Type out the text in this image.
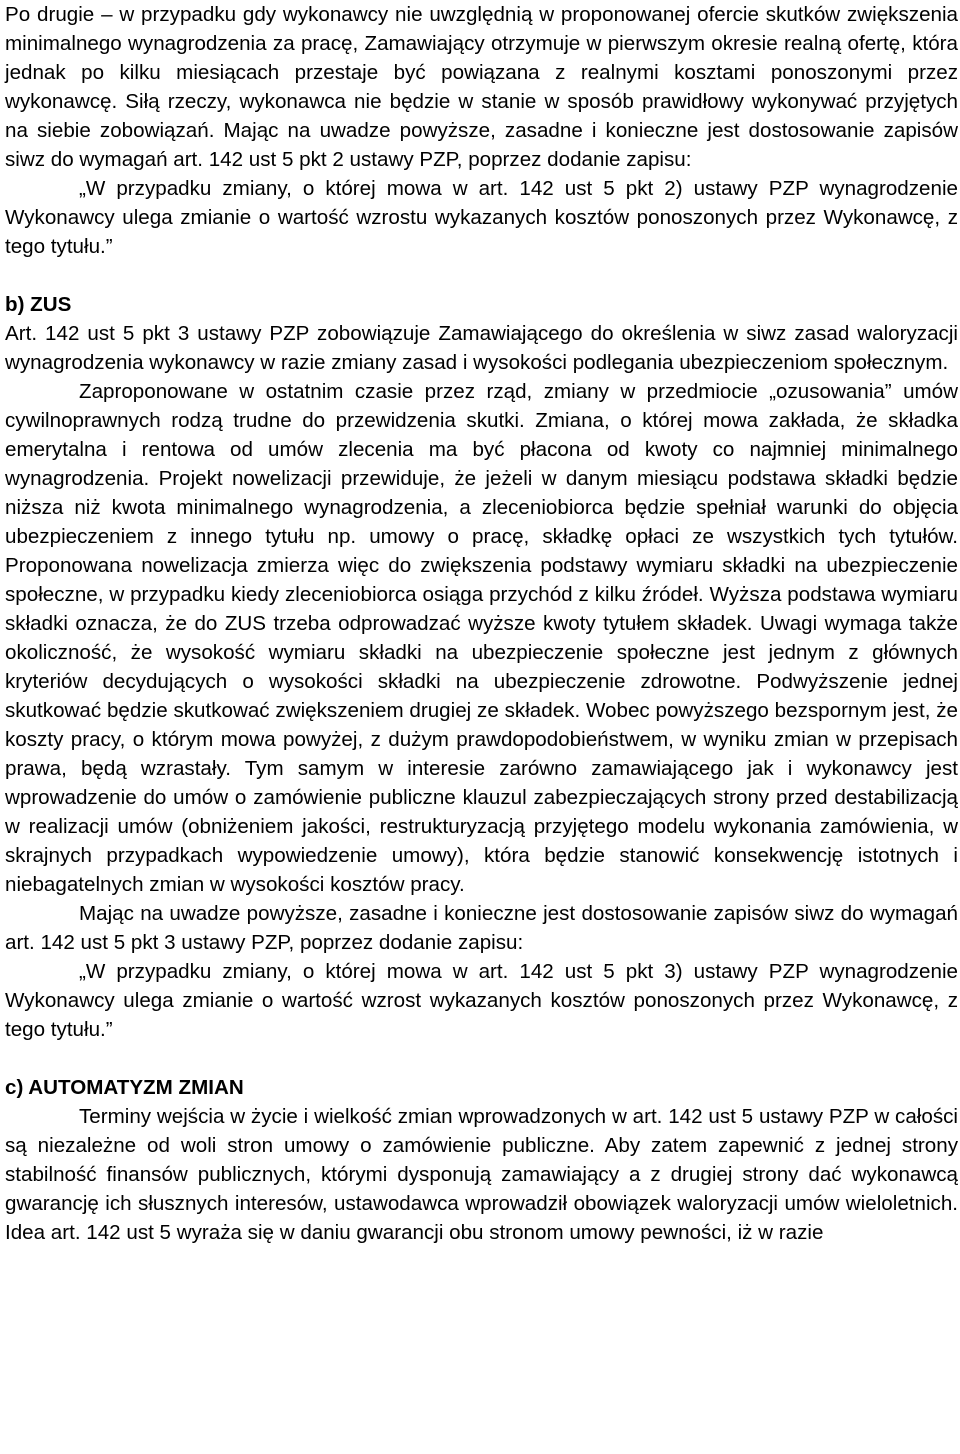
Po drugie – w przypadku gdy wykonawcy nie uwzględnią w proponowanej ofercie skutków zwiększenia minimalnego wynagrodzenia za pracę, Zamawiający otrzymuje w pierwszym okresie realną ofertę, która jednak po kilku miesiącach przestaje być powiązana z realnymi kosztami ponoszonymi przez wykonawcę. Siłą rzeczy, wykonawca nie będzie w stanie w sposób prawidłowy wykonywać przyjętych na siebie zobowiązań. Mając na uwadze powyższe, zasadne i konieczne jest dostosowanie zapisów siwz do wymagań art. 142 ust 5 pkt 2 ustawy PZP, poprzez dodanie zapisu:

„W przypadku zmiany, o której mowa w art. 142 ust 5 pkt 2) ustawy PZP wynagrodzenie Wykonawcy ulega zmianie o wartość wzrostu wykazanych kosztów ponoszonych przez Wykonawcę, z tego tytułu.”

b) ZUS

Art. 142 ust 5 pkt 3 ustawy PZP zobowiązuje Zamawiającego do określenia w siwz zasad waloryzacji wynagrodzenia wykonawcy w razie zmiany zasad i wysokości podlegania ubezpieczeniom społecznym.

Zaproponowane w ostatnim czasie przez rząd, zmiany w przedmiocie „ozusowania” umów cywilnoprawnych rodzą trudne do przewidzenia skutki. Zmiana, o której mowa zakłada, że składka emerytalna i rentowa od umów zlecenia ma być płacona od kwoty co najmniej minimalnego wynagrodzenia. Projekt nowelizacji przewiduje, że jeżeli w danym miesiącu podstawa składki będzie niższa niż kwota minimalnego wynagrodzenia, a zleceniobiorca będzie spełniał warunki do objęcia ubezpieczeniem z innego tytułu np. umowy o pracę, składkę opłaci ze wszystkich tych tytułów. Proponowana nowelizacja zmierza więc do zwiększenia podstawy wymiaru składki na ubezpieczenie społeczne, w przypadku kiedy zleceniobiorca osiąga przychód z kilku źródeł. Wyższa podstawa wymiaru składki oznacza, że do ZUS trzeba odprowadzać wyższe kwoty tytułem składek. Uwagi wymaga także okoliczność, że wysokość wymiaru składki na ubezpieczenie społeczne jest jednym z głównych kryteriów decydujących o wysokości składki na ubezpieczenie zdrowotne. Podwyższenie jednej skutkować będzie skutkować zwiększeniem drugiej ze składek. Wobec powyższego bezspornym jest, że koszty pracy, o którym mowa powyżej, z dużym prawdopodobieństwem, w wyniku zmian w przepisach prawa, będą wzrastały. Tym samym w interesie zarówno zamawiającego jak i wykonawcy jest wprowadzenie do umów o zamówienie publiczne klauzul zabezpieczających strony przed destabilizacją w realizacji umów (obniżeniem jakości, restrukturyzacją przyjętego modelu wykonania zamówienia, w skrajnych przypadkach wypowiedzenie umowy), która będzie stanowić konsekwencję istotnych i niebagatelnych zmian w wysokości kosztów pracy.

Mając na uwadze powyższe, zasadne i konieczne jest dostosowanie zapisów siwz do wymagań art. 142 ust 5 pkt 3 ustawy PZP, poprzez dodanie zapisu:

„W przypadku zmiany, o której mowa w art. 142 ust 5 pkt 3) ustawy PZP wynagrodzenie Wykonawcy ulega zmianie o wartość wzrost wykazanych kosztów ponoszonych przez Wykonawcę, z tego tytułu.”

c) AUTOMATYZM ZMIAN

Terminy wejścia w życie i wielkość zmian wprowadzonych w art. 142 ust 5 ustawy PZP w całości są niezależne od woli stron umowy o zamówienie publiczne. Aby zatem zapewnić z jednej strony stabilność finansów publicznych, którymi dysponują zamawiający a z drugiej strony dać wykonawcą gwarancję ich słusznych interesów, ustawodawca wprowadził obowiązek waloryzacji umów wieloletnich. Idea art. 142 ust 5 wyraża się w daniu gwarancji obu stronom umowy pewności, iż w razie
